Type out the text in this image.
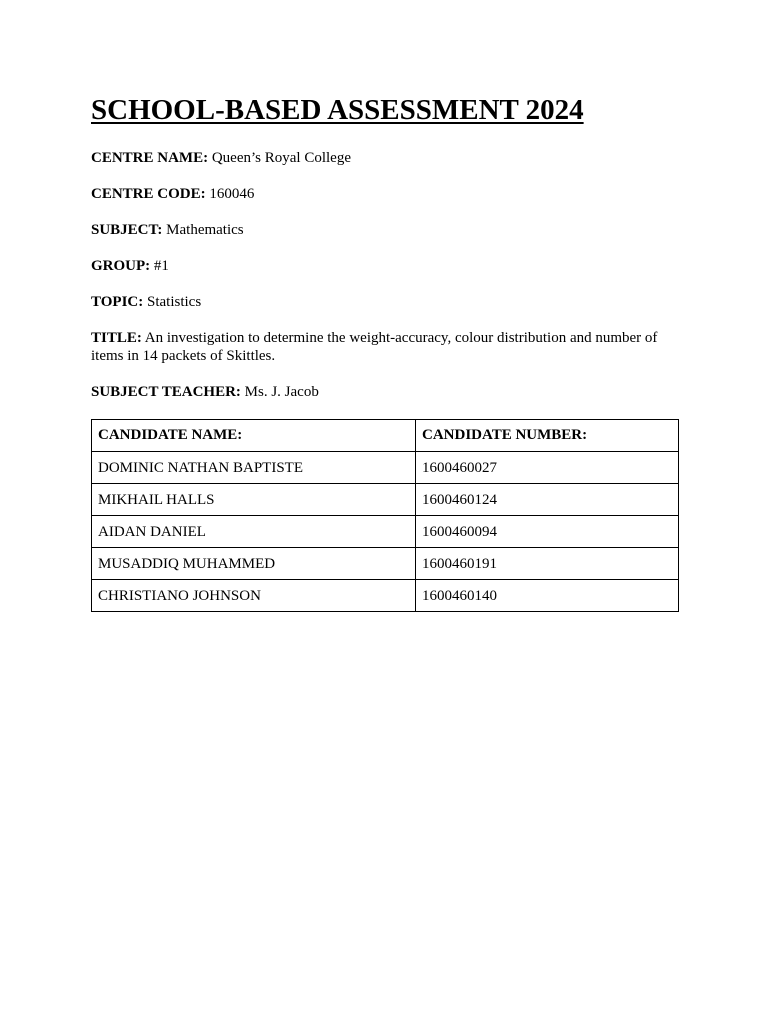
SCHOOL-BASED ASSESSMENT 2024

CENTRE NAME: Queen’s Royal College

CENTRE CODE: 160046

SUBJECT: Mathematics

GROUP: #1

TOPIC: Statistics

TITLE: An investigation to determine the weight-accuracy, colour distribution and number of items in 14 packets of Skittles.

SUBJECT TEACHER: Ms. J. Jacob

CANDIDATE NAME:	CANDIDATE NUMBER:
DOMINIC NATHAN BAPTISTE	1600460027
MIKHAIL HALLS	1600460124
AIDAN DANIEL	1600460094
MUSADDIQ MUHAMMED	1600460191
CHRISTIANO JOHNSON	1600460140
